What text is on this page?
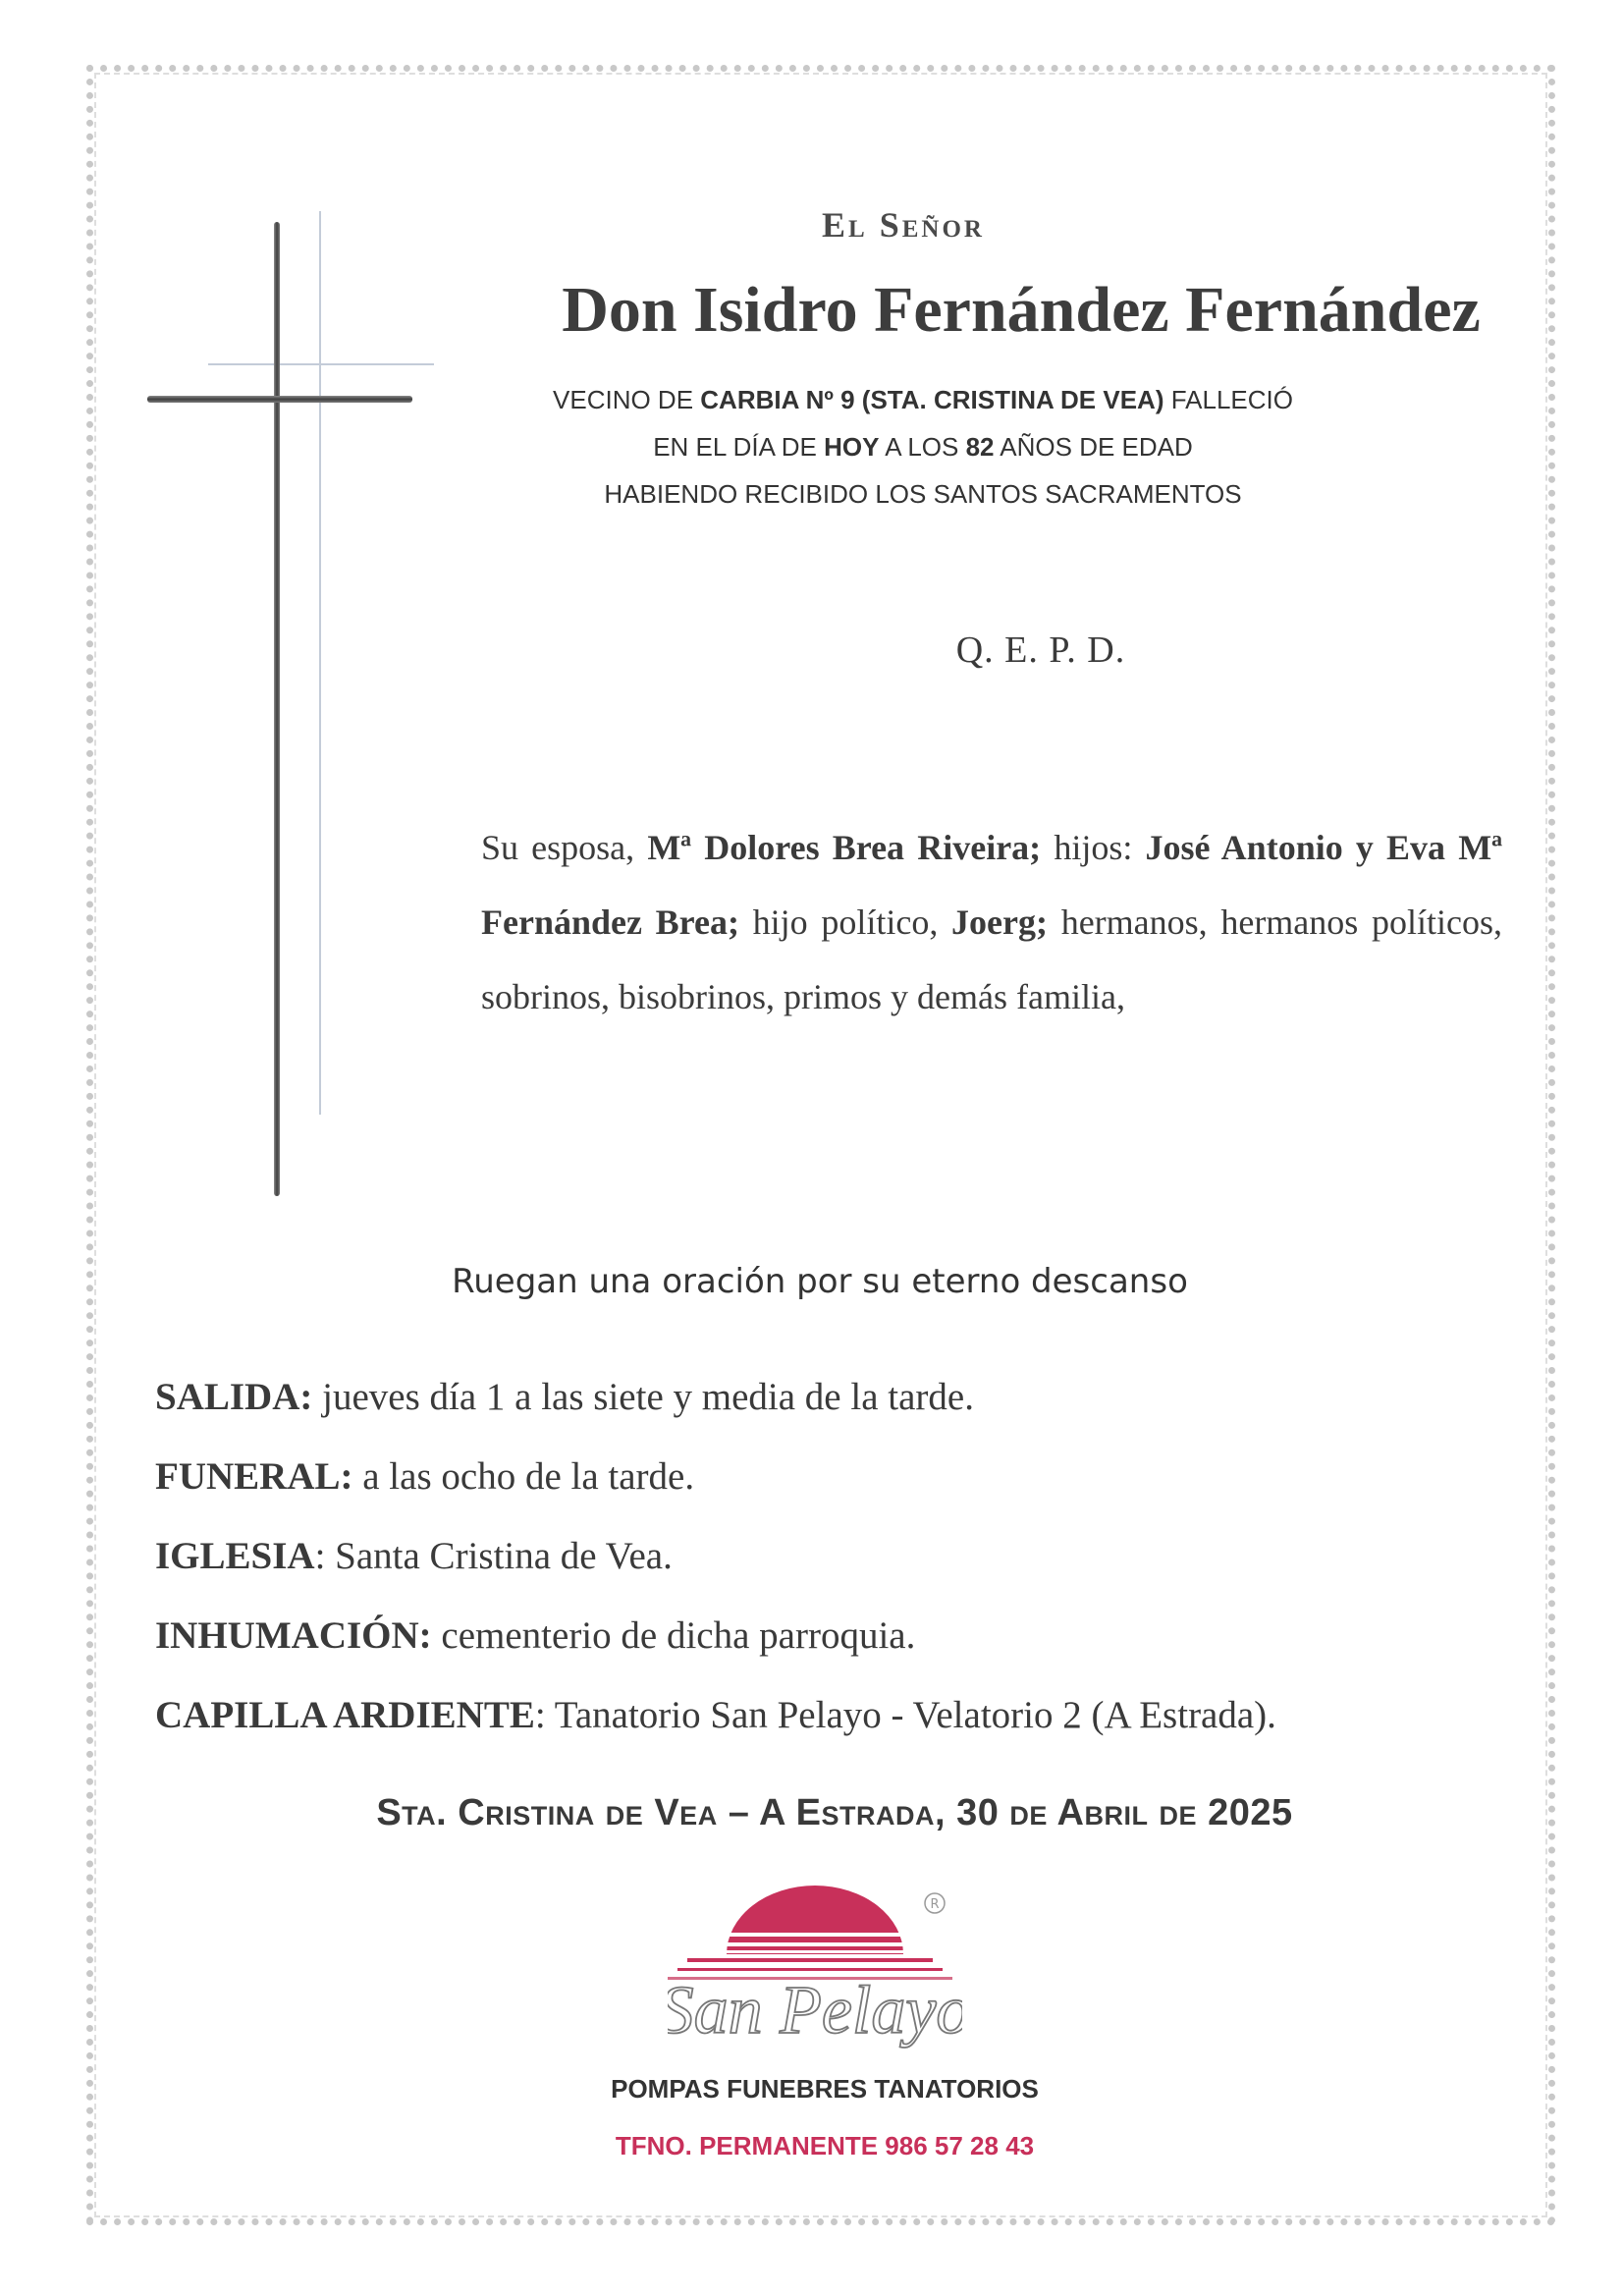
El Señor
Don Isidro Fernández Fernández
VECINO DE CARBIA Nº 9 (STA. CRISTINA DE VEA) FALLECIÓ
EN EL DÍA DE HOY A LOS 82 AÑOS DE EDAD
HABIENDO RECIBIDO LOS SANTOS SACRAMENTOS
Q. E. P. D.
Su esposa, Mª Dolores Brea Riveira; hijos: José Antonio y Eva Mª Fernández Brea; hijo político, Joerg; hermanos, hermanos políticos, sobrinos, bisobrinos, primos y demás familia,
Ruegan una oración por su eterno descanso
SALIDA: jueves día 1 a las siete y media de la tarde.
FUNERAL: a las ocho de la tarde.
IGLESIA: Santa Cristina de Vea.
INHUMACIÓN: cementerio de dicha parroquia.
CAPILLA ARDIENTE: Tanatorio San Pelayo - Velatorio 2 (A Estrada).
Sta. Cristina de Vea – A Estrada, 30 de Abril de 2025
R
San Pelayo
POMPAS FUNEBRES TANATORIOS
TFNO. PERMANENTE 986 57 28 43
